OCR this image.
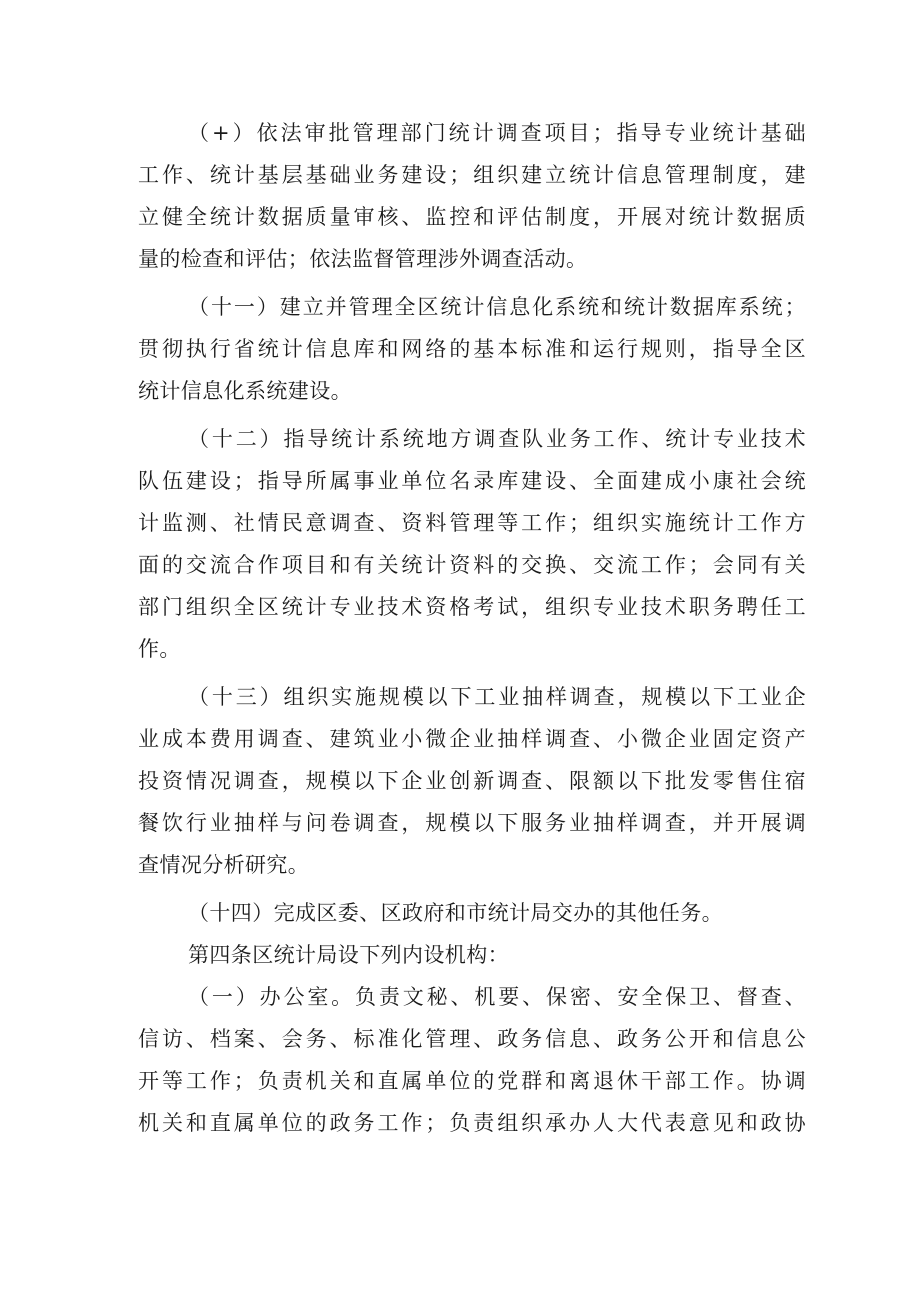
（+）依法审批管理部门统计调查项目；指导专业统计基础
工作、统计基层基础业务建设；组织建立统计信息管理制度，建
立健全统计数据质量审核、监控和评估制度，开展对统计数据质
量的检查和评估；依法监督管理涉外调查活动。
（十一）建立并管理全区统计信息化系统和统计数据库系统；
贯彻执行省统计信息库和网络的基本标准和运行规则，指导全区
统计信息化系统建设。
（十二）指导统计系统地方调查队业务工作、统计专业技术
队伍建设；指导所属事业单位名录库建设、全面建成小康社会统
计监测、社情民意调查、资料管理等工作；组织实施统计工作方
面的交流合作项目和有关统计资料的交换、交流工作；会同有关
部门组织全区统计专业技术资格考试，组织专业技术职务聘任工
作。
（十三）组织实施规模以下工业抽样调查，规模以下工业企
业成本费用调查、建筑业小微企业抽样调查、小微企业固定资产
投资情况调查，规模以下企业创新调查、限额以下批发零售住宿
餐饮行业抽样与问卷调查，规模以下服务业抽样调查，并开展调
查情况分析研究。
（十四）完成区委、区政府和市统计局交办的其他任务。
第四条区统计局设下列内设机构：
（一）办公室。负责文秘、机要、保密、安全保卫、督查、
信访、档案、会务、标准化管理、政务信息、政务公开和信息公
开等工作；负责机关和直属单位的党群和离退休干部工作。协调
机关和直属单位的政务工作；负责组织承办人大代表意见和政协
